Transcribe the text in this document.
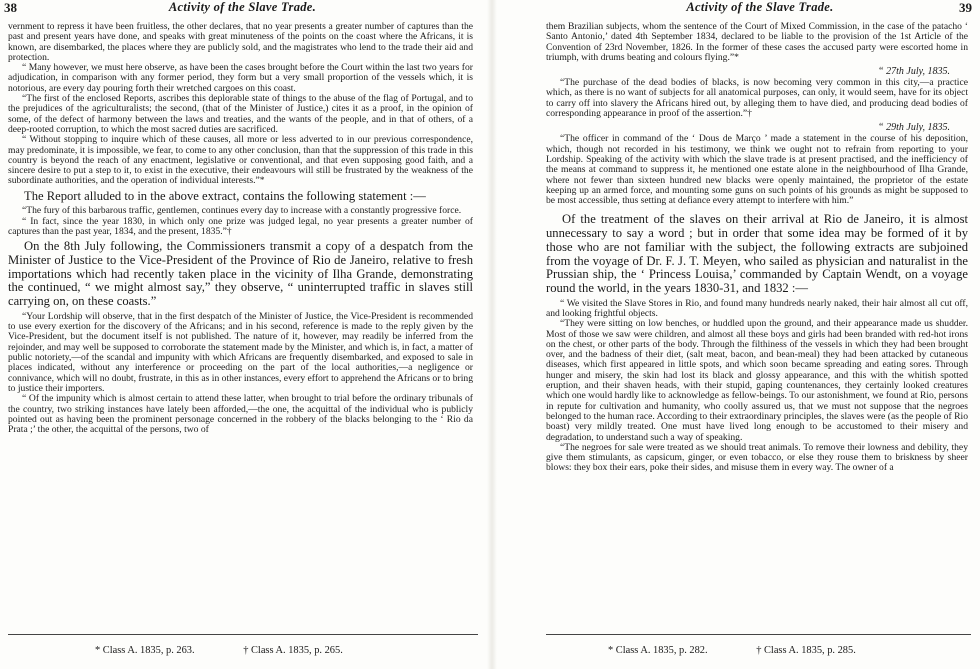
38	Activity of the Slave Trade.

vernment to repress it have been fruitless, the other declares, that no year presents a greater number of captures than the past and present years have done, and speaks with great minuteness of the points on the coast where the Africans, it is known, are disembarked, the places where they are publicly sold, and the magistrates who lend to the trade their aid and protection.

“ Many however, we must here observe, as have been the cases brought before the Court within the last two years for adjudication, in comparison with any former period, they form but a very small proportion of the vessels which, it is notorious, are every day pouring forth their wretched cargoes on this coast.

“The first of the enclosed Reports, ascribes this deplorable state of things to the abuse of the flag of Portugal, and to the prejudices of the agriculturalists; the second, (that of the Minister of Justice,) cites it as a proof, in the opinion of some, of the defect of harmony between the laws and treaties, and the wants of the people, and in that of others, of a deep-rooted corruption, to which the most sacred duties are sacrificed.

“ Without stopping to inquire which of these causes, all more or less adverted to in our previous correspondence, may predominate, it is impossible, we fear, to come to any other conclusion, than that the suppression of this trade in this country is beyond the reach of any enactment, legislative or conventional, and that even supposing good faith, and a sincere desire to put a step to it, to exist in the executive, their endeavours will still be frustrated by the weakness of the subordinate authorities, and the operation of individual interests.”*

The Report alluded to in the above extract, contains the following statement :—

“The fury of this barbarous traffic, gentlemen, continues every day to increase with a constantly progressive force.

“ In fact, since the year 1830, in which only one prize was judged legal, no year presents a greater number of captures than the past year, 1834, and the present, 1835.”†

On the 8th July following, the Commissioners transmit a copy of a despatch from the Minister of Justice to the Vice-President of the Province of Rio de Janeiro, relative to fresh importations which had recently taken place in the vicinity of Ilha Grande, demonstrating the continued, “ we might almost say,” they observe, “ uninterrupted traffic in slaves still carrying on, on these coasts.”

“Your Lordship will observe, that in the first despatch of the Minister of Justice, the Vice-President is recommended to use every exertion for the discovery of the Africans; and in his second, reference is made to the reply given by the Vice-President, but the document itself is not published. The nature of it, however, may readily be inferred from the rejoinder, and may well be supposed to corroborate the statement made by the Minister, and which is, in fact, a matter of public notoriety,—of the scandal and impunity with which Africans are frequently disembarked, and exposed to sale in places indicated, without any interference or proceeding on the part of the local authorities,—a negligence or connivance, which will no doubt, frustrate, in this as in other instances, every effort to apprehend the Africans or to bring to justice their importers.

“ Of the impunity which is almost certain to attend these latter, when brought to trial before the ordinary tribunals of the country, two striking instances have lately been afforded,—the one, the acquittal of the individual who is publicly pointed out as having been the prominent personage concerned in the robbery of the blacks belonging to the ‘ Rio da Prata ;’ the other, the acquittal of the persons, two of

* Class A. 1835, p. 263.	† Class A. 1835, p. 265.
Activity of the Slave Trade.	39

them Brazilian subjects, whom the sentence of the Court of Mixed Commission, in the case of the patacho ‘ Santo Antonio,’ dated 4th September 1834, declared to be liable to the provision of the 1st Article of the Convention of 23rd November, 1826. In the former of these cases the accused party were escorted home in triumph, with drums beating and colours flying.”*

“ 27th July, 1835.

“The purchase of the dead bodies of blacks, is now becoming very common in this city,—a practice which, as there is no want of subjects for all anatomical purposes, can only, it would seem, have for its object to carry off into slavery the Africans hired out, by alleging them to have died, and producing dead bodies of corresponding appearance in proof of the assertion.”†

“ 29th July, 1835.

“The officer in command of the ‘ Dous de Março ’ made a statement in the course of his deposition, which, though not recorded in his testimony, we think we ought not to refrain from reporting to your Lordship. Speaking of the activity with which the slave trade is at present practised, and the inefficiency of the means at command to suppress it, he mentioned one estate alone in the neighbourhood of Ilha Grande, where not fewer than sixteen hundred new blacks were openly maintained, the proprietor of the estate keeping up an armed force, and mounting some guns on such points of his grounds as might be supposed to be most accessible, thus setting at defiance every attempt to interfere with him.”

Of the treatment of the slaves on their arrival at Rio de Janeiro, it is almost unnecessary to say a word ; but in order that some idea may be formed of it by those who are not familiar with the subject, the following extracts are subjoined from the voyage of Dr. F. J. T. Meyen, who sailed as physician and naturalist in the Prussian ship, the ‘ Princess Louisa,’ commanded by Captain Wendt, on a voyage round the world, in the years 1830-31, and 1832 :—

“ We visited the Slave Stores in Rio, and found many hundreds nearly naked, their hair almost all cut off, and looking frightful objects.

“They were sitting on low benches, or huddled upon the ground, and their appearance made us shudder. Most of those we saw were children, and almost all these boys and girls had been branded with red-hot irons on the chest, or other parts of the body. Through the filthiness of the vessels in which they had been brought over, and the badness of their diet, (salt meat, bacon, and bean-meal) they had been attacked by cutaneous diseases, which first appeared in little spots, and which soon became spreading and eating sores. Through hunger and misery, the skin had lost its black and glossy appearance, and this with the whitish spotted eruption, and their shaven heads, with their stupid, gaping countenances, they certainly looked creatures which one would hardly like to acknowledge as fellow-beings. To our astonishment, we found at Rio, persons in repute for cultivation and humanity, who coolly assured us, that we must not suppose that the negroes belonged to the human race. According to their extraordinary principles, the slaves were (as the people of Rio boast) very mildly treated. One must have lived long enough to be accustomed to their misery and degradation, to understand such a way of speaking.

“The negroes for sale were treated as we should treat animals. To remove their lowness and debility, they give them stimulants, as capsicum, ginger, or even tobacco, or else they rouse them to briskness by sheer blows: they box their ears, poke their sides, and misuse them in every way. The owner of a

* Class A. 1835, p. 282.	† Class A. 1835, p. 285.
